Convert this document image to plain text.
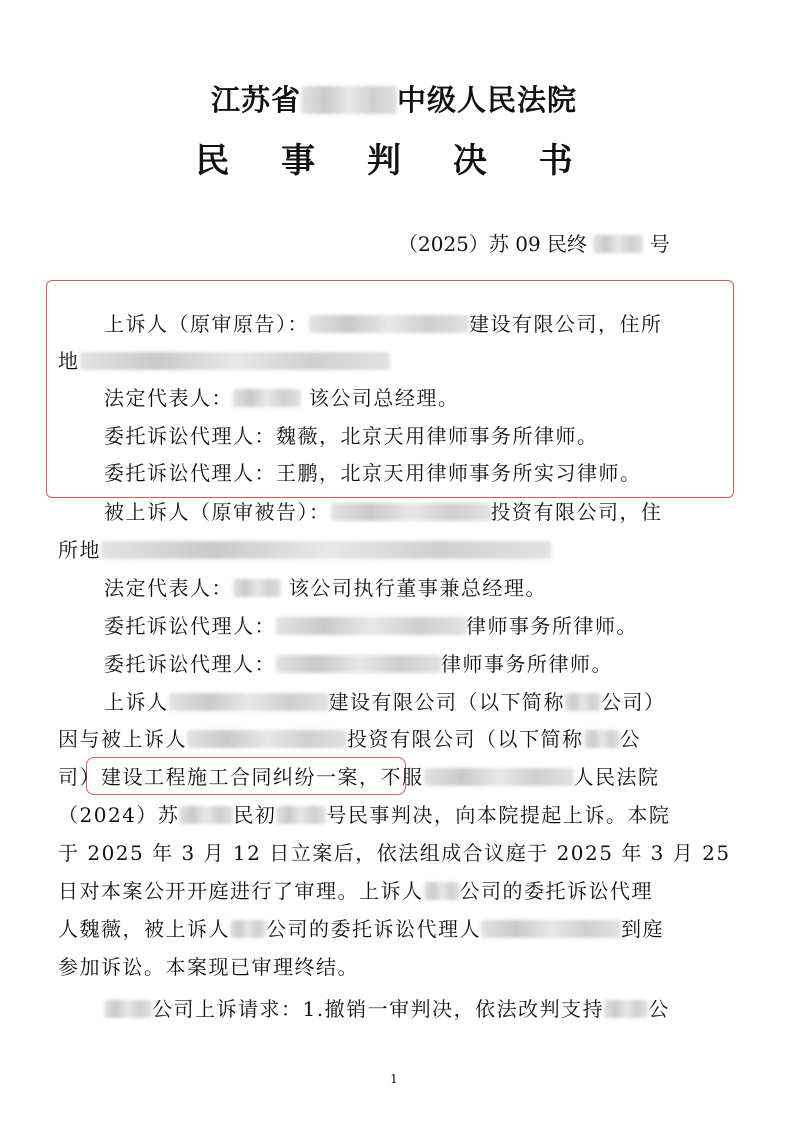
江苏省	中级人民法院
民 事 判 决 书
（2025）苏 09 民终	号
上诉人（原审原告）：	建设有限公司，住所
地
法定代表人：	该公司总经理。
委托诉讼代理人：魏薇，北京天用律师事务所律师。
委托诉讼代理人：王鹏，北京天用律师事务所实习律师。
被上诉人（原审被告）：	投资有限公司，住
所地
法定代表人：	该公司执行董事兼总经理。
委托诉讼代理人：	律师事务所律师。
委托诉讼代理人：	律师事务所律师。
上诉人	建设有限公司（以下简称 公司）
因与被上诉人	投资有限公司（以下简称 公
司）建设工程施工合同纠纷一案，不服	人民法院
（2024）苏	民初	号民事判决，向本院提起上诉。本院
于 2025 年 3 月 12 日立案后，依法组成合议庭于 2025 年 3 月 25
日对本案公开开庭进行了审理。上诉人 公司的委托诉讼代理
人魏薇，被上诉人 公司的委托诉讼代理人	到庭
参加诉讼。本案现已审理终结。
公司上诉请求：1.撤销一审判决，依法改判支持 公
1
